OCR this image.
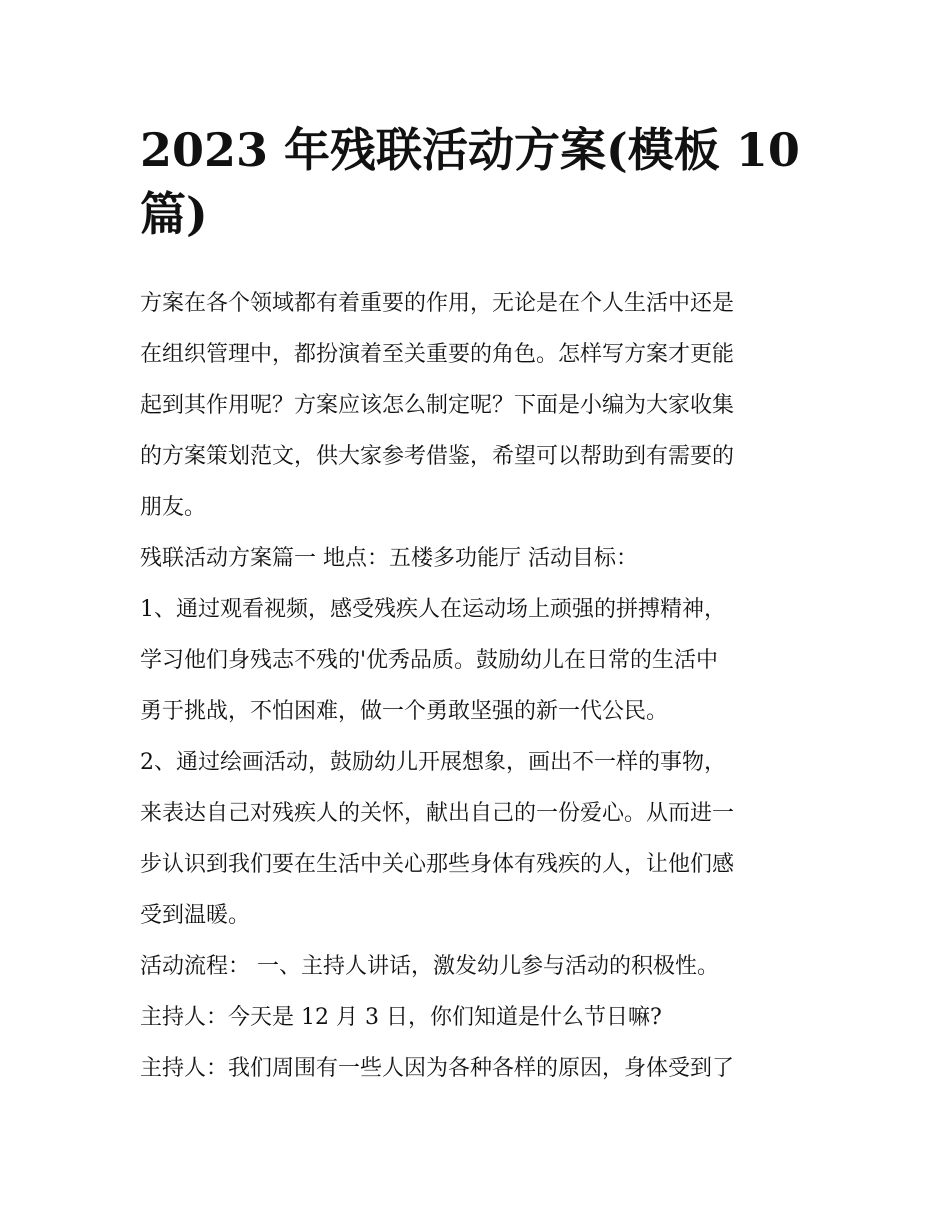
2023 年残联活动方案(模板 10
篇)
方案在各个领域都有着重要的作用，无论是在个人生活中还是
在组织管理中，都扮演着至关重要的角色。怎样写方案才更能
起到其作用呢？方案应该怎么制定呢？下面是小编为大家收集
的方案策划范文，供大家参考借鉴，希望可以帮助到有需要的
朋友。
残联活动方案篇一 地点：五楼多功能厅 活动目标：
1、通过观看视频，感受残疾人在运动场上顽强的拼搏精神，
学习他们身残志不残的'优秀品质。鼓励幼儿在日常的生活中
勇于挑战，不怕困难，做一个勇敢坚强的新一代公民。
2、通过绘画活动，鼓励幼儿开展想象，画出不一样的事物，
来表达自己对残疾人的关怀，献出自己的一份爱心。从而进一
步认识到我们要在生活中关心那些身体有残疾的人，让他们感
受到温暖。
活动流程： 一、主持人讲话，激发幼儿参与活动的积极性。
主持人：今天是 12 月 3 日，你们知道是什么节日嘛?
主持人：我们周围有一些人因为各种各样的原因，身体受到了
